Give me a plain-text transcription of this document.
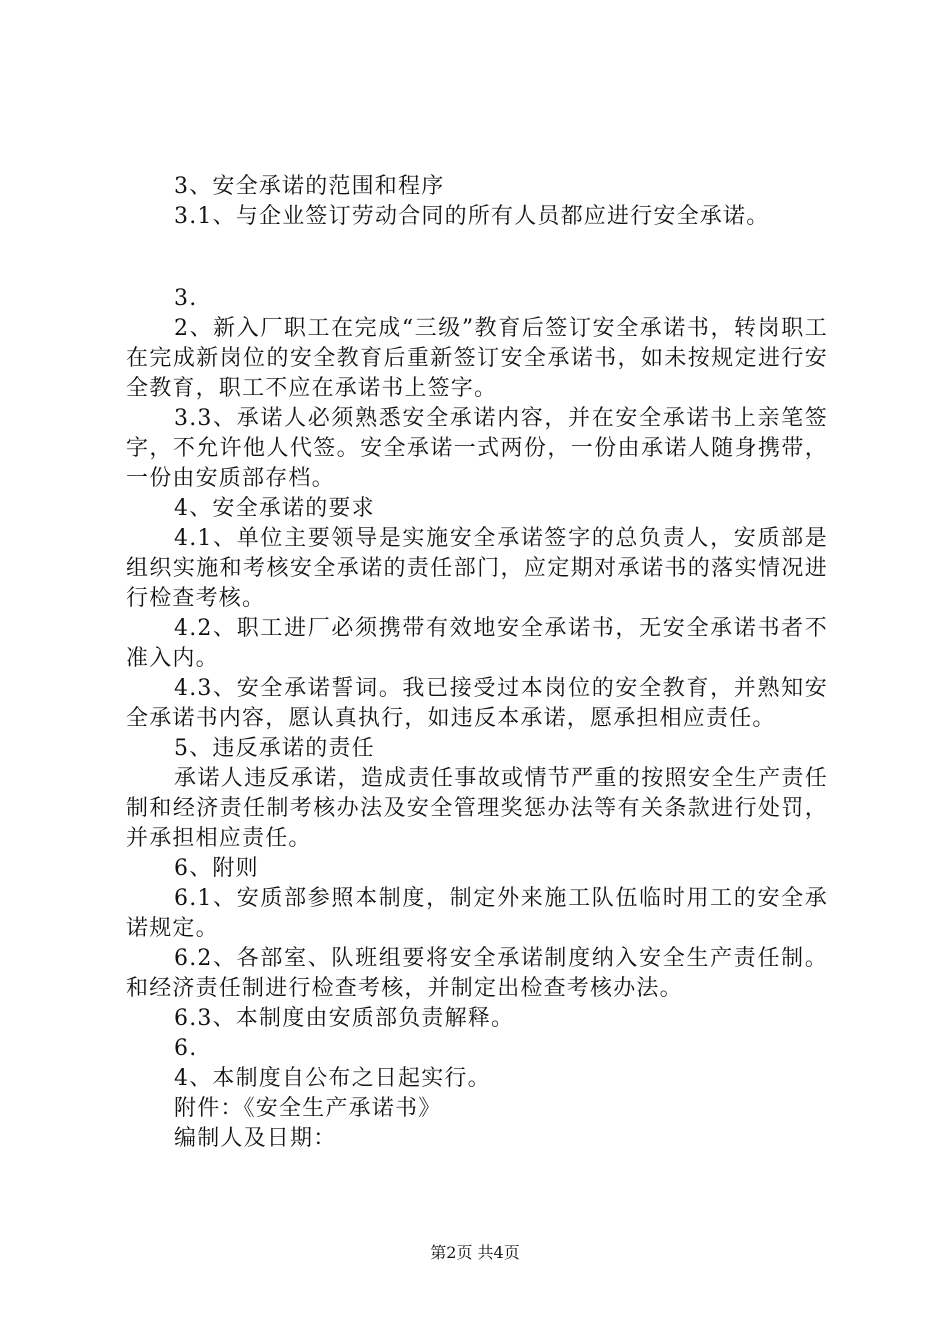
3、安全承诺的范围和程序

3.1、与企业签订劳动合同的所有人员都应进行安全承诺。

3.

2、新入厂职工在完成“三级”教育后签订安全承诺书，转岗职工在完成新岗位的安全教育后重新签订安全承诺书，如未按规定进行安全教育，职工不应在承诺书上签字。

3.3、承诺人必须熟悉安全承诺内容，并在安全承诺书上亲笔签字，不允许他人代签。安全承诺一式两份，一份由承诺人随身携带，一份由安质部存档。

4、安全承诺的要求

4.1、单位主要领导是实施安全承诺签字的总负责人，安质部是组织实施和考核安全承诺的责任部门，应定期对承诺书的落实情况进行检查考核。

4.2、职工进厂必须携带有效地安全承诺书，无安全承诺书者不准入内。

4.3、安全承诺誓词。我已接受过本岗位的安全教育，并熟知安全承诺书内容，愿认真执行，如违反本承诺，愿承担相应责任。

5、违反承诺的责任

承诺人违反承诺，造成责任事故或情节严重的按照安全生产责任制和经济责任制考核办法及安全管理奖惩办法等有关条款进行处罚，并承担相应责任。

6、附则

6.1、安质部参照本制度，制定外来施工队伍临时用工的安全承诺规定。

6.2、各部室、队班组要将安全承诺制度纳入安全生产责任制。和经济责任制进行检查考核，并制定出检查考核办法。

6.3、本制度由安质部负责解释。

6.

4、本制度自公布之日起实行。

附件：《安全生产承诺书》

编制人及日期：

第2页 共4页
